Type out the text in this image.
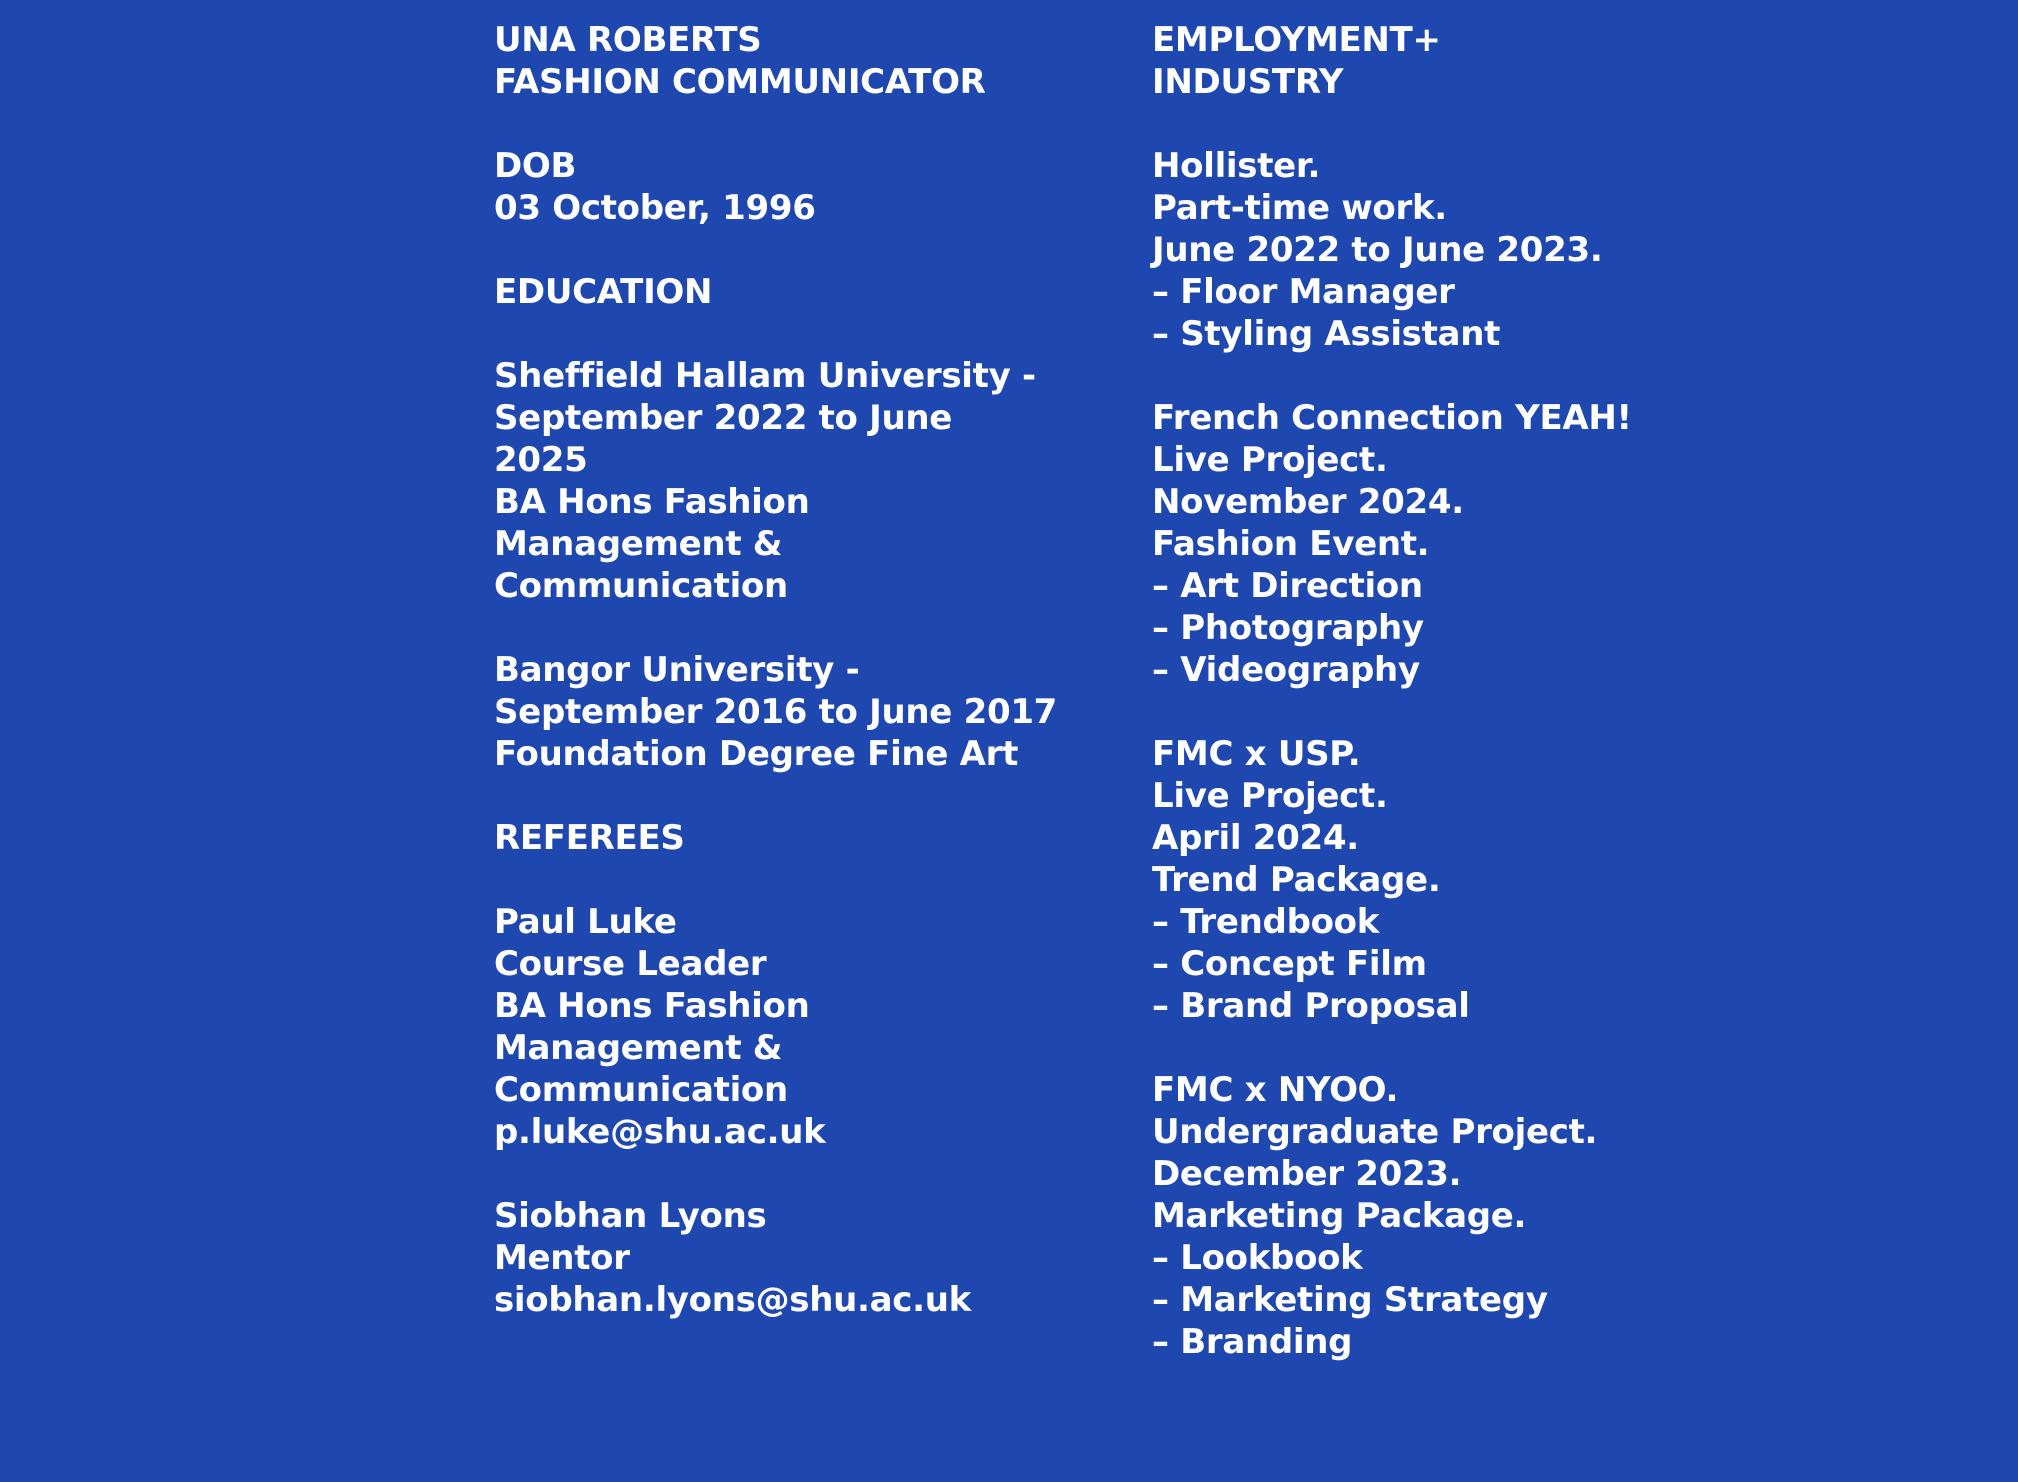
UNA ROBERTS
FASHION COMMUNICATOR
DOB
03 October, 1996
EDUCATION
Sheffield Hallam University -
September 2022 to June
2025
BA Hons Fashion
Management &
Communication
Bangor University -
September 2016 to June 2017
Foundation Degree Fine Art
REFEREES
Paul Luke
Course Leader
BA Hons Fashion
Management &
Communication
p.luke@shu.ac.uk
Siobhan Lyons
Mentor
siobhan.lyons@shu.ac.uk
EMPLOYMENT+
INDUSTRY
Hollister.
Part-time work.
June 2022 to June 2023.
– Floor Manager
– Styling Assistant
French Connection YEAH!
Live Project.
November 2024.
Fashion Event.
– Art Direction
– Photography
– Videography
FMC x USP.
Live Project.
April 2024.
Trend Package.
– Trendbook
– Concept Film
– Brand Proposal
FMC x NYOO.
Undergraduate Project.
December 2023.
Marketing Package.
– Lookbook
– Marketing Strategy
– Branding
